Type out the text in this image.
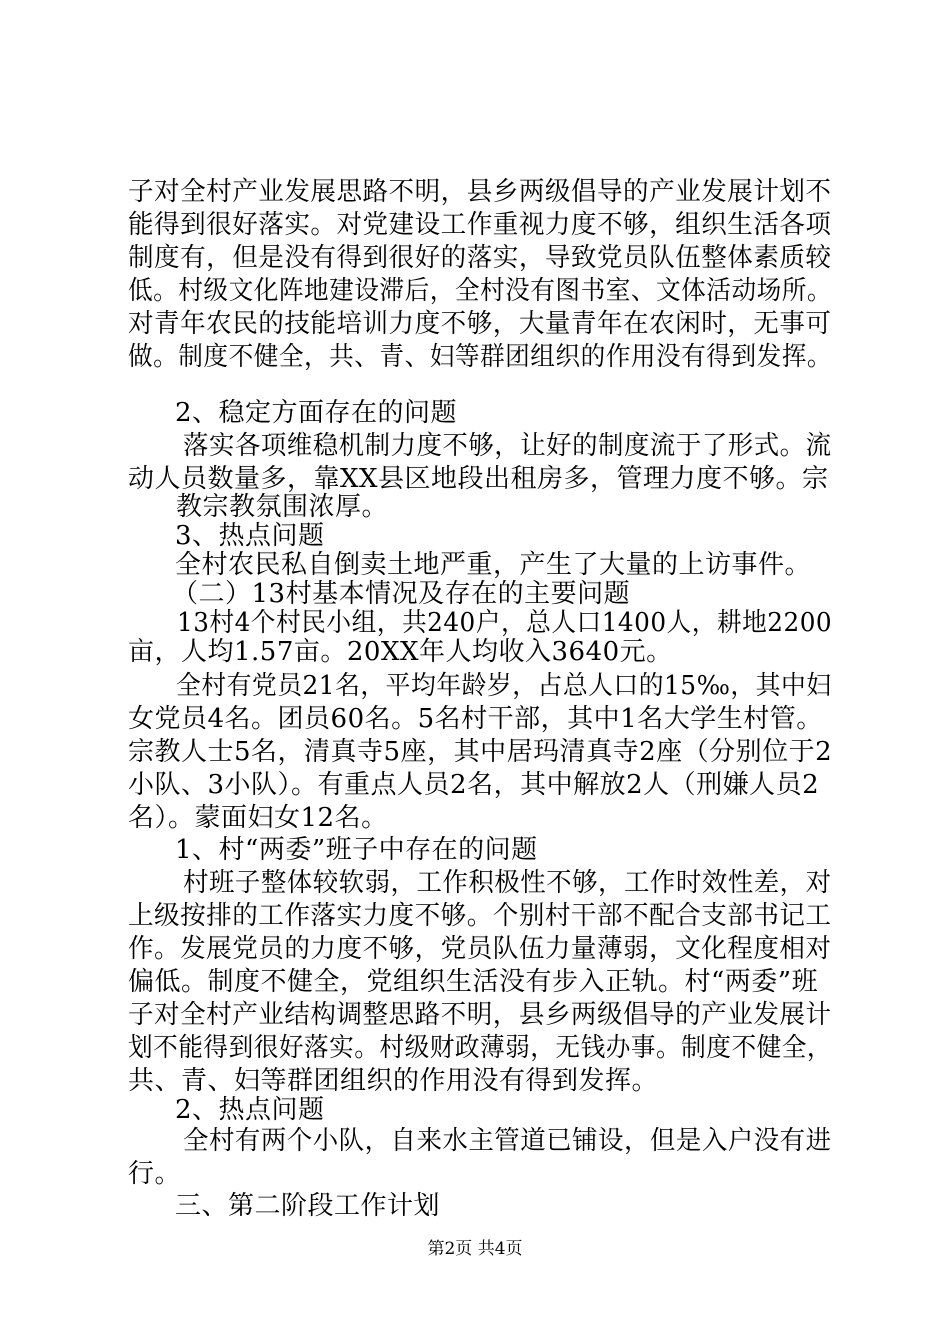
子对全村产业发展思路不明，县乡两级倡导的产业发展计划不
能得到很好落实。对党建设工作重视力度不够，组织生活各项
制度有，但是没有得到很好的落实，导致党员队伍整体素质较
低。村级文化阵地建设滞后，全村没有图书室、文体活动场所。
对青年农民的技能培训力度不够，大量青年在农闲时，无事可
做。制度不健全，共、青、妇等群团组织的作用没有得到发挥。
2、稳定方面存在的问题
落实各项维稳机制力度不够，让好的制度流于了形式。流
动人员数量多，靠XX县区地段出租房多，管理力度不够。宗
教宗教氛围浓厚。
3、热点问题
全村农民私自倒卖土地严重，产生了大量的上访事件。
（二）13村基本情况及存在的主要问题
13村4个村民小组，共240户，总人口1400人，耕地2200
亩，人均1.57亩。20XX年人均收入3640元。
全村有党员21名，平均年龄岁，占总人口的15‰，其中妇
女党员4名。团员60名。5名村干部，其中1名大学生村管。
宗教人士5名，清真寺5座，其中居玛清真寺2座（分别位于2
小队、3小队）。有重点人员2名，其中解放2人（刑嫌人员2
名）。蒙面妇女12名。
1、村“两委”班子中存在的问题
村班子整体较软弱，工作积极性不够，工作时效性差，对
上级按排的工作落实力度不够。个别村干部不配合支部书记工
作。发展党员的力度不够，党员队伍力量薄弱，文化程度相对
偏低。制度不健全，党组织生活没有步入正轨。村“两委”班
子对全村产业结构调整思路不明，县乡两级倡导的产业发展计
划不能得到很好落实。村级财政薄弱，无钱办事。制度不健全，
共、青、妇等群团组织的作用没有得到发挥。
2、热点问题
全村有两个小队，自来水主管道已铺设，但是入户没有进
行。
三、第二阶段工作计划
第2页 共4页
